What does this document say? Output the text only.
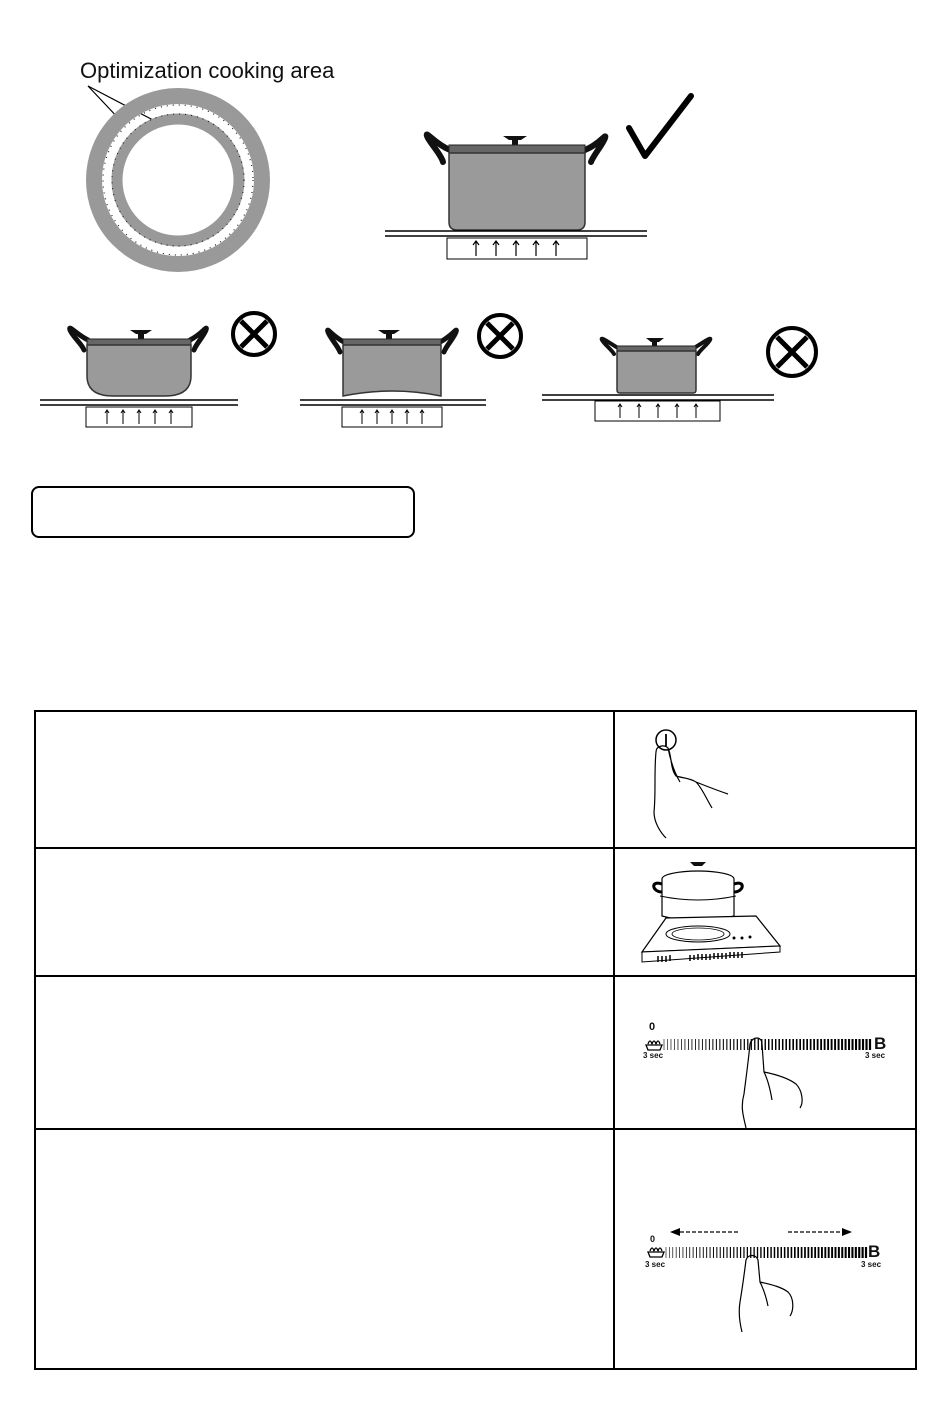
Optimization cooking area
0
B
3 sec	3 sec
0
B
3 sec	3 sec
